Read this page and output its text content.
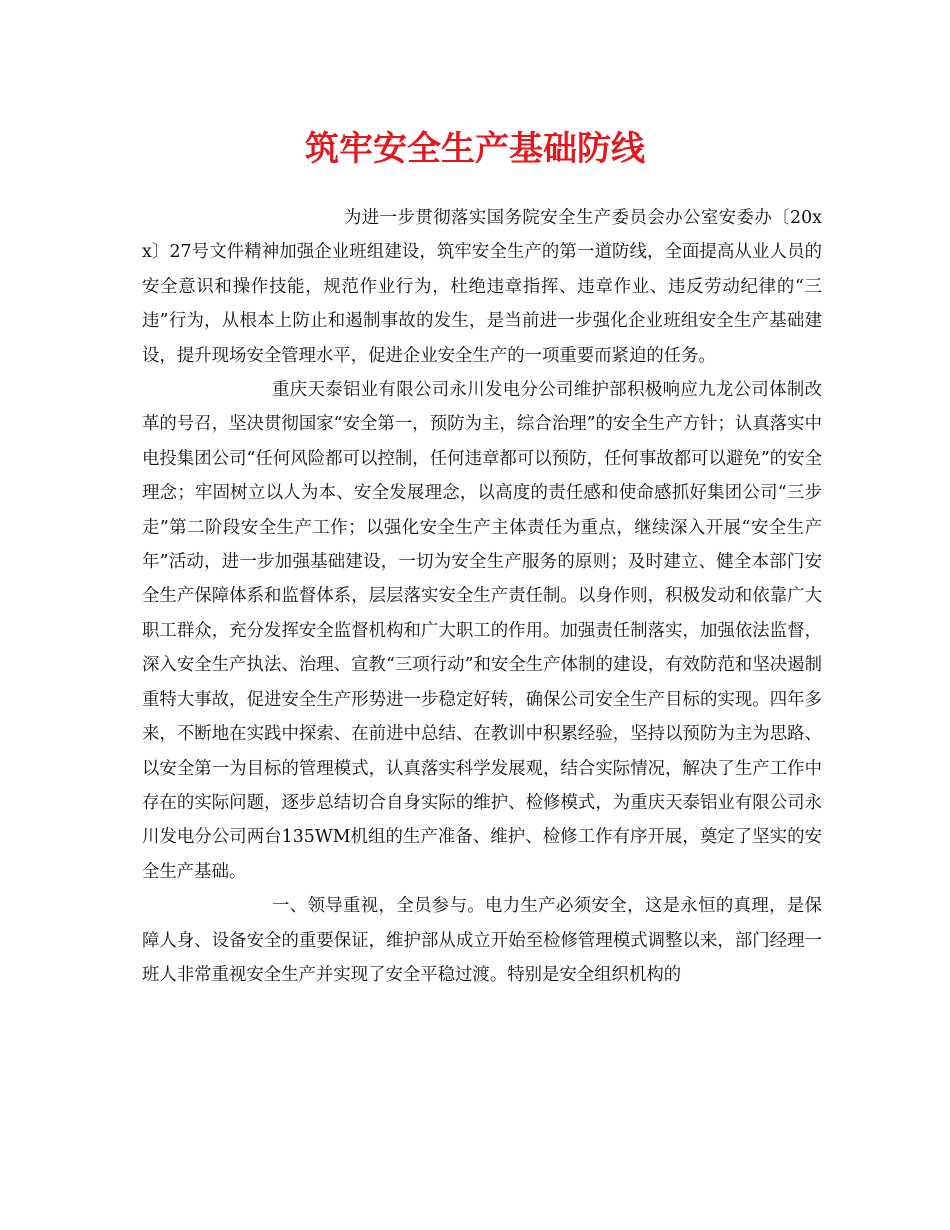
筑牢安全生产基础防线

为进一步贯彻落实国务院安全生产委员会办公室安委办〔20xx〕27号文件精神加强企业班组建设，筑牢安全生产的第一道防线，全面提高从业人员的安全意识和操作技能，规范作业行为，杜绝违章指挥、违章作业、违反劳动纪律的“三违”行为，从根本上防止和遏制事故的发生，是当前进一步强化企业班组安全生产基础建设，提升现场安全管理水平，促进企业安全生产的一项重要而紧迫的任务。

重庆天泰铝业有限公司永川发电分公司维护部积极响应九龙公司体制改革的号召，坚决贯彻国家“安全第一，预防为主，综合治理”的安全生产方针；认真落实中电投集团公司“任何风险都可以控制，任何违章都可以预防，任何事故都可以避免”的安全理念；牢固树立以人为本、安全发展理念，以高度的责任感和使命感抓好集团公司“三步走”第二阶段安全生产工作；以强化安全生产主体责任为重点，继续深入开展“安全生产年”活动，进一步加强基础建设，一切为安全生产服务的原则；及时建立、健全本部门安全生产保障体系和监督体系，层层落实安全生产责任制。以身作则，积极发动和依靠广大职工群众，充分发挥安全监督机构和广大职工的作用。加强责任制落实，加强依法监督，深入安全生产执法、治理、宣教“三项行动”和安全生产体制的建设，有效防范和坚决遏制重特大事故，促进安全生产形势进一步稳定好转，确保公司安全生产目标的实现。四年多来，不断地在实践中探索、在前进中总结、在教训中积累经验，坚持以预防为主为思路、以安全第一为目标的管理模式，认真落实科学发展观，结合实际情况，解决了生产工作中存在的实际问题，逐步总结切合自身实际的维护、检修模式，为重庆天泰铝业有限公司永川发电分公司两台135WM机组的生产准备、维护、检修工作有序开展，奠定了坚实的安全生产基础。

一、领导重视，全员参与。电力生产必须安全，这是永恒的真理，是保障人身、设备安全的重要保证，维护部从成立开始至检修管理模式调整以来，部门经理一班人非常重视安全生产并实现了安全平稳过渡。特别是安全组织机构的
